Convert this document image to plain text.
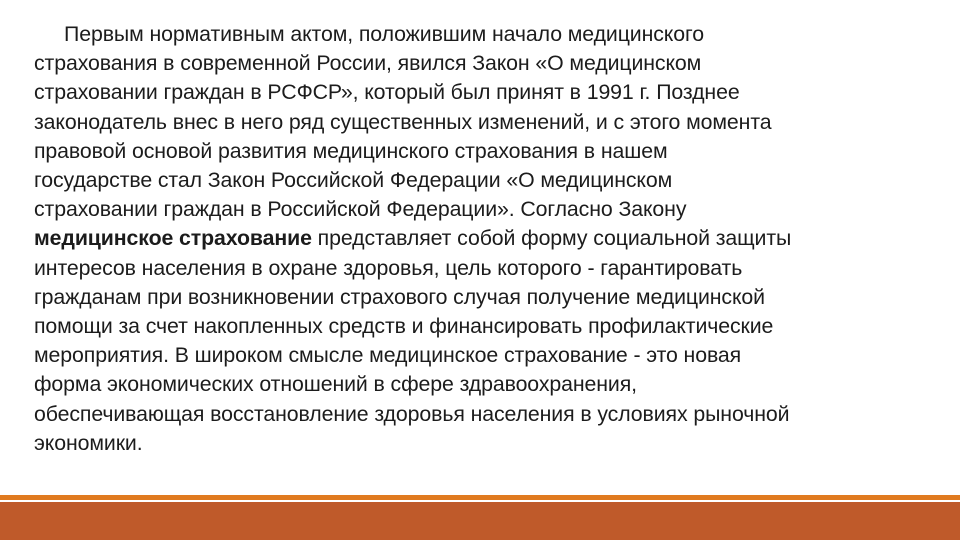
Первым нормативным актом, положившим начало медицинского
страхования в современной России, явился Закон «О медицинском
страховании граждан в РСФСР», который был принят в 1991 г. Позднее
законодатель внес в него ряд существенных изменений, и с этого момента
правовой основой развития медицинского страхования в нашем
государстве стал Закон Российской Федерации «О медицинском
страховании граждан в Российской Федерации». Согласно Закону
медицинское страхование представляет собой форму социальной защиты
интересов населения в охране здоровья, цель которого - гарантировать
гражданам при возникновении страхового случая получение медицинской
помощи за счет накопленных средств и финансировать профилактические
мероприятия. В широком смысле медицинское страхование - это новая
форма экономических отношений в сфере здравоохранения,
обеспечивающая восстановление здоровья населения в условиях рыночной
экономики.
